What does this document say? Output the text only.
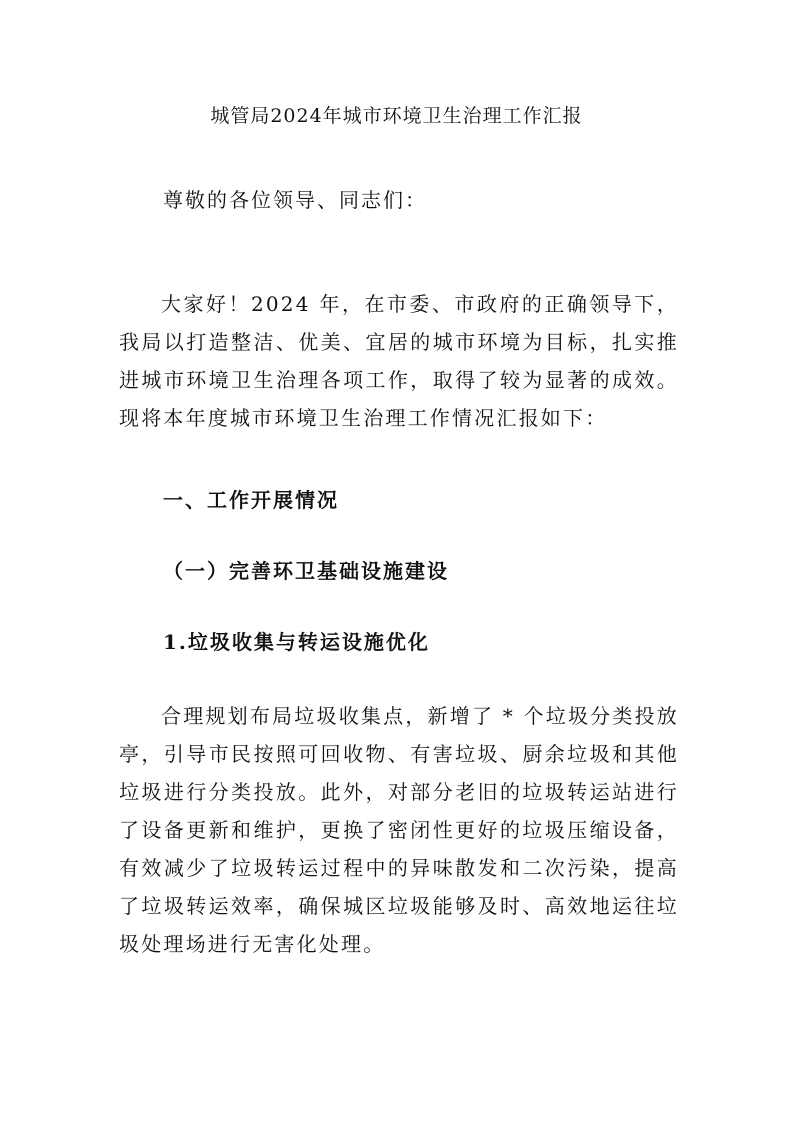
城管局2024年城市环境卫生治理工作汇报
尊敬的各位领导、同志们：

大家好！2024 年，在市委、市政府的正确领导下，我局以打造整洁、优美、宜居的城市环境为目标，扎实推进城市环境卫生治理各项工作，取得了较为显著的成效。现将本年度城市环境卫生治理工作情况汇报如下：

一、工作开展情况
（一）完善环卫基础设施建设
1.垃圾收集与转运设施优化

合理规划布局垃圾收集点，新增了 * 个垃圾分类投放亭，引导市民按照可回收物、有害垃圾、厨余垃圾和其他垃圾进行分类投放。此外，对部分老旧的垃圾转运站进行了设备更新和维护，更换了密闭性更好的垃圾压缩设备，有效减少了垃圾转运过程中的异味散发和二次污染，提高了垃圾转运效率，确保城区垃圾能够及时、高效地运往垃圾处理场进行无害化处理。
